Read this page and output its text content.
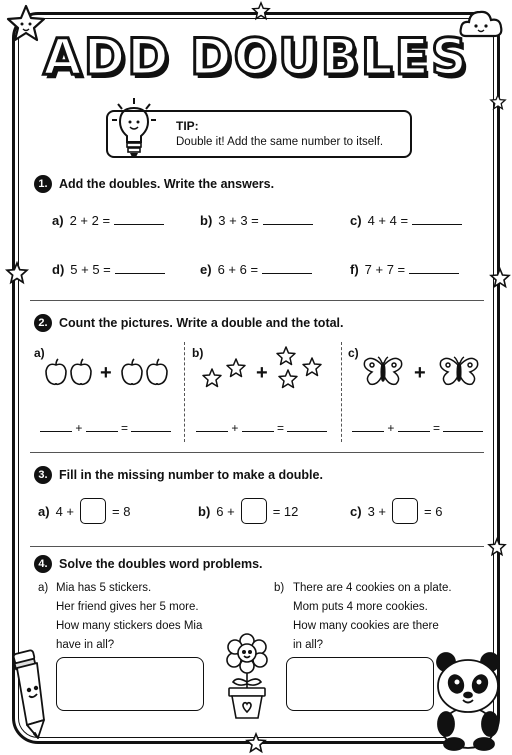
ADD DOUBLES
TIP:
Double it! Add the same number to itself.
1. Add the doubles. Write the answers.
a) 2 + 2 =	b) 3 + 3 =	c) 4 + 4 =
d) 5 + 5 =	e) 6 + 6 =	f) 7 + 7 =
2. Count the pictures. Write a double and the total.
a)
+
+	=
b)
+
+	=
c)
+
+	=
3. Fill in the missing number to make a double.
a) 4 +	= 8	b) 6 +	= 12	c) 3 +	= 6
4. Solve the doubles word problems.
a) Mia has 5 stickers.
Her friend gives her 5 more.
How many stickers does Mia
have in all?
b) There are 4 cookies on a plate.
Mom puts 4 more cookies.
How many cookies are there
in all?
